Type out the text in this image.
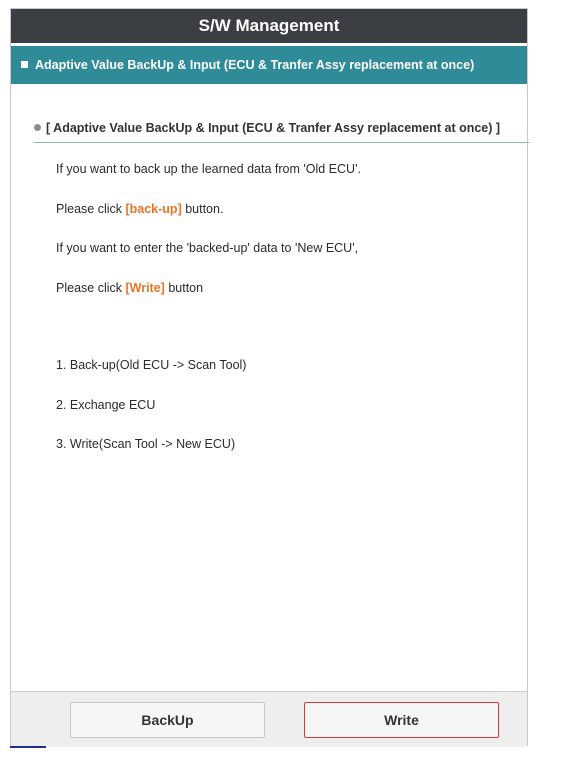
S/W Management
Adaptive Value BackUp & Input (ECU & Tranfer Assy replacement at once)
[ Adaptive Value BackUp & Input (ECU & Tranfer Assy replacement at once) ]
If you want to back up the learned data from 'Old ECU'.
Please click [back-up] button.
If you want to enter the 'backed-up' data to 'New ECU',
Please click [Write] button
1. Back-up(Old ECU -> Scan Tool)
2. Exchange ECU
3. Write(Scan Tool -> New ECU)
BackUp	Write
